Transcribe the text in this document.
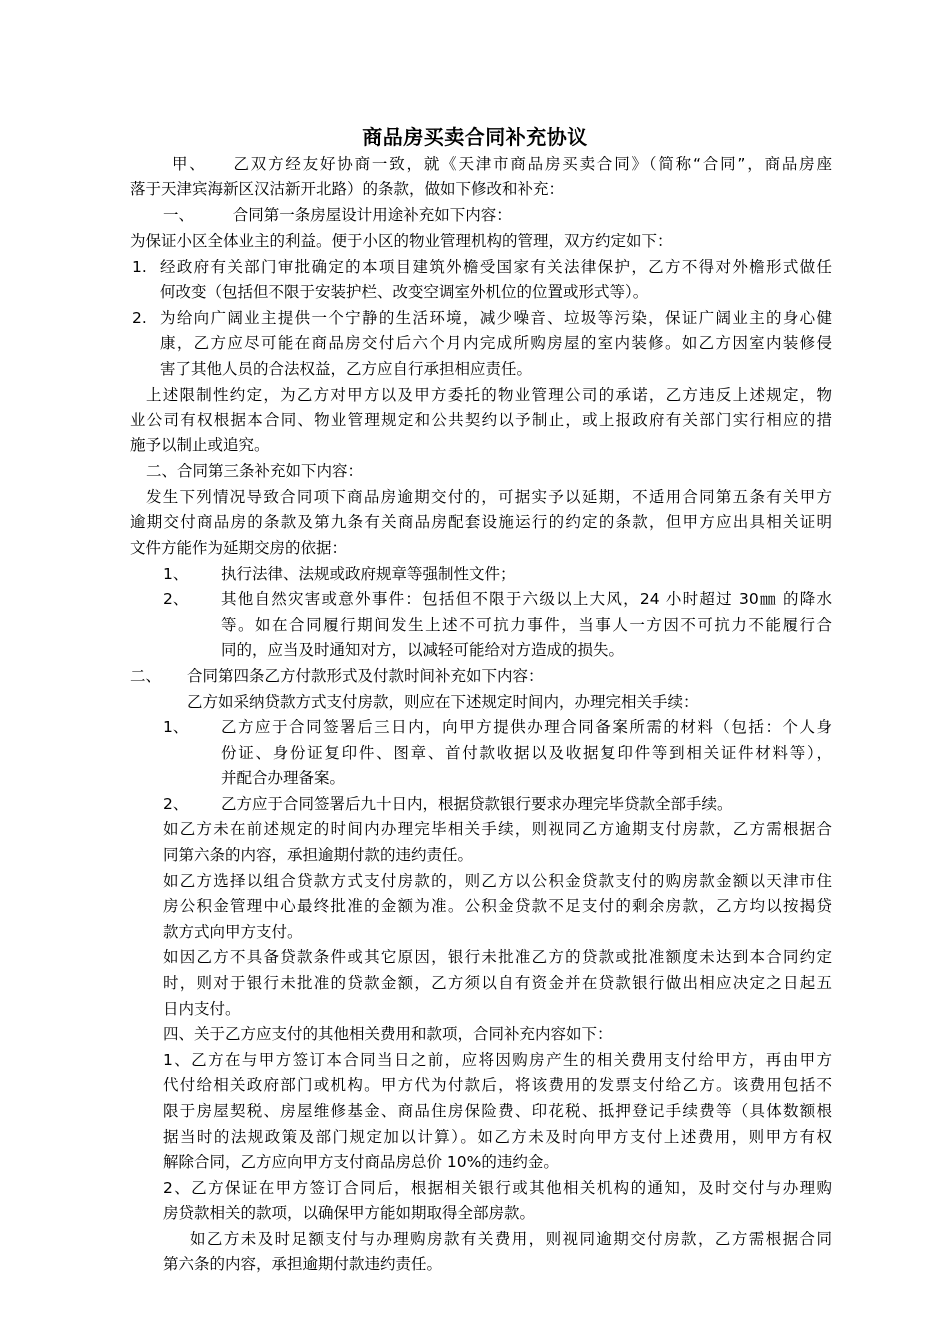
商品房买卖合同补充协议
甲、　　乙双方经友好协商一致，就《天津市商品房买卖合同》（简称“合同”，商品房座
落于天津宾海新区汉沽新开北路）的条款，做如下修改和补充：
一、　　　合同第一条房屋设计用途补充如下内容：
为保证小区全体业主的利益。便于小区的物业管理机构的管理，双方约定如下：
1. 经政府有关部门审批确定的本项目建筑外檐受国家有关法律保护，乙方不得对外檐形式做任
何改变（包括但不限于安装护栏、改变空调室外机位的位置或形式等）。
2. 为给向广阔业主提供一个宁静的生活环境，减少噪音、垃圾等污染，保证广阔业主的身心健
康，乙方应尽可能在商品房交付后六个月内完成所购房屋的室内装修。如乙方因室内装修侵
害了其他人员的合法权益，乙方应自行承担相应责任。
上述限制性约定，为乙方对甲方以及甲方委托的物业管理公司的承诺，乙方违反上述规定，物
业公司有权根据本合同、物业管理规定和公共契约以予制止，或上报政府有关部门实行相应的措
施予以制止或追究。
二、合同第三条补充如下内容：
发生下列情况导致合同项下商品房逾期交付的，可据实予以延期，不适用合同第五条有关甲方
逾期交付商品房的条款及第九条有关商品房配套设施运行的约定的条款，但甲方应出具相关证明
文件方能作为延期交房的依据：
1、 执行法律、法规或政府规章等强制性文件；
2、 其他自然灾害或意外事件：包括但不限于六级以上大风，24 小时超过 30㎜ 的降水
等。如在合同履行期间发生上述不可抗力事件，当事人一方因不可抗力不能履行合
同的，应当及时通知对方，以减轻可能给对方造成的损失。
二、 合同第四条乙方付款形式及付款时间补充如下内容：
乙方如采纳贷款方式支付房款，则应在下述规定时间内，办理完相关手续：
1、 乙方应于合同签署后三日内，向甲方提供办理合同备案所需的材料（包括：个人身
份证、身份证复印件、图章、首付款收据以及收据复印件等到相关证件材料等），
并配合办理备案。
2、 乙方应于合同签署后九十日内，根据贷款银行要求办理完毕贷款全部手续。
如乙方未在前述规定的时间内办理完毕相关手续，则视同乙方逾期支付房款，乙方需根据合
同第六条的内容，承担逾期付款的违约责任。
如乙方选择以组合贷款方式支付房款的，则乙方以公积金贷款支付的购房款金额以天津市住
房公积金管理中心最终批准的金额为准。公积金贷款不足支付的剩余房款，乙方均以按揭贷
款方式向甲方支付。
如因乙方不具备贷款条件或其它原因，银行未批准乙方的贷款或批准额度未达到本合同约定
时，则对于银行未批准的贷款金额，乙方须以自有资金并在贷款银行做出相应决定之日起五
日内支付。
四、关于乙方应支付的其他相关费用和款项，合同补充内容如下：
1、乙方在与甲方签订本合同当日之前，应将因购房产生的相关费用支付给甲方，再由甲方
代付给相关政府部门或机构。甲方代为付款后，将该费用的发票支付给乙方。该费用包括不
限于房屋契税、房屋维修基金、商品住房保险费、印花税、抵押登记手续费等（具体数额根
据当时的法规政策及部门规定加以计算）。如乙方未及时向甲方支付上述费用，则甲方有权
解除合同，乙方应向甲方支付商品房总价 10%的违约金。
2、乙方保证在甲方签订合同后，根据相关银行或其他相关机构的通知，及时交付与办理购
房贷款相关的款项，以确保甲方能如期取得全部房款。
如乙方未及时足额支付与办理购房款有关费用，则视同逾期交付房款，乙方需根据合同
第六条的内容，承担逾期付款违约责任。
